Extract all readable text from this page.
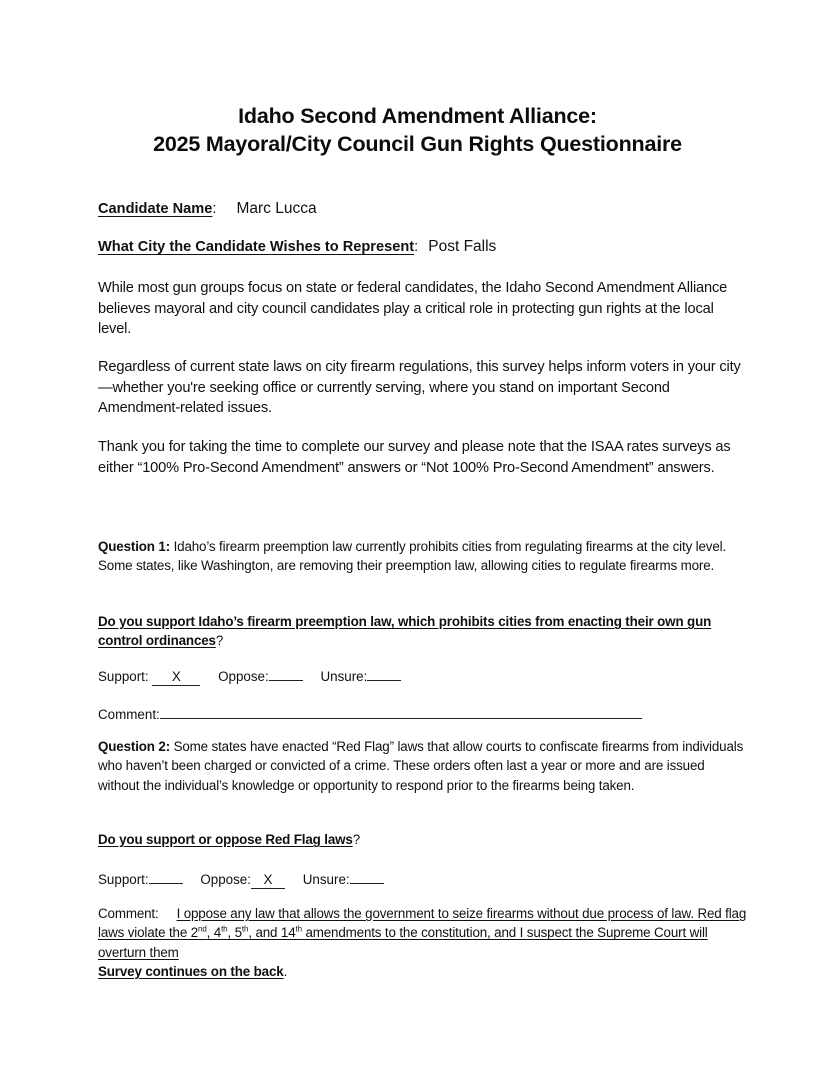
Idaho Second Amendment Alliance:
2025 Mayoral/City Council Gun Rights Questionnaire
Candidate Name: Marc Lucca
What City the Candidate Wishes to Represent: Post Falls
While most gun groups focus on state or federal candidates, the Idaho Second Amendment Alliance believes mayoral and city council candidates play a critical role in protecting gun rights at the local level.
Regardless of current state laws on city firearm regulations, this survey helps inform voters in your city—whether you're seeking office or currently serving, where you stand on important Second Amendment-related issues.
Thank you for taking the time to complete our survey and please note that the ISAA rates surveys as either “100% Pro-Second Amendment” answers or “Not 100% Pro-Second Amendment” answers.
Question 1: Idaho’s firearm preemption law currently prohibits cities from regulating firearms at the city level. Some states, like Washington, are removing their preemption law, allowing cities to regulate firearms more.
Do you support Idaho’s firearm preemption law, which prohibits cities from enacting their own gun control ordinances?
Support: X	Oppose:	Unsure:
Comment:
Question 2: Some states have enacted “Red Flag” laws that allow courts to confiscate firearms from individuals who haven’t been charged or convicted of a crime. These orders often last a year or more and are issued without the individual’s knowledge or opportunity to respond prior to the firearms being taken.
Do you support or oppose Red Flag laws?
Support:	Oppose: X Unsure:
Comment: I oppose any law that allows the government to seize firearms without due process of law. Red flag laws violate the 2nd, 4th, 5th, and 14th amendments to the constitution, and I suspect the Supreme Court will overturn them
Survey continues on the back.
